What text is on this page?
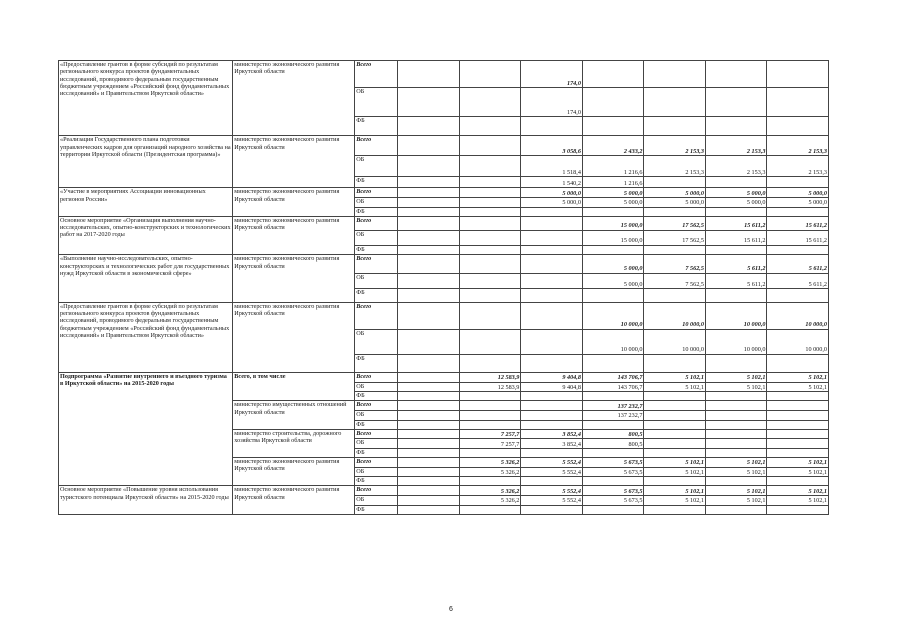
«Предоставление грантов в форме субсидий по результатам регионального конкурса проектов фундаментальных исследований, проводимого федеральным государственным бюджетным учреждением «Российский фонд фундаментальных исследований» и Правительством Иркутской области»	министерство экономического развития Иркутской области	Всего			174,0				
		ОБ			174,0				
		ФБ							
«Реализация Государственного плана подготовки управленческих кадров для организаций народного хозяйства на территории Иркутской области (Президентская программа)»	министерство экономического развития Иркутской области	Всего			3 058,6	2 433,2	2 153,3	2 153,3	2 153,3
		ОБ			1 518,4	1 216,6	2 153,3	2 153,3	2 153,3
		ФБ			1 540,2	1 216,6			
«Участие в мероприятиях Ассоциации инновационных регионов России»	министерство экономического развития Иркутской области	Всего			5 000,0	5 000,0	5 000,0	5 000,0	5 000,0
		ОБ			5 000,0	5 000,0	5 000,0	5 000,0	5 000,0
		ФБ							
Основное мероприятие «Организация выполнения научно-исследовательских, опытно-конструкторских и технологических работ на 2017-2020 годы	министерство экономического развития Иркутской области	Всего				15 000,0	17 562,5	15 611,2	15 611,2
		ОБ				15 000,0	17 562,5	15 611,2	15 611,2
		ФБ							
«Выполнение научно-исследовательских, опытно-конструкторских и технологических работ для государственных нужд Иркутской области в экономической сфере»	министерство экономического развития Иркутской области	Всего				5 000,0	7 562,5	5 611,2	5 611,2
		ОБ				5 000,0	7 562,5	5 611,2	5 611,2
		ФБ							
«Предоставление грантов в форме субсидий по результатам регионального конкурса проектов фундаментальных исследований, проводимого федеральным государственным бюджетным учреждением «Российский фонд фундаментальных исследований» и Правительством Иркутской области»	министерство экономического развития Иркутской области	Всего				10 000,0	10 000,0	10 000,0	10 000,0
		ОБ				10 000,0	10 000,0	10 000,0	10 000,0
		ФБ							
Подпрограмма «Развитие внутреннего и въездного туризма в Иркутской области» на 2015-2020 годы	Всего, в том числе	Всего		12 583,9	9 404,8	143 706,7	5 102,1	5 102,1	5 102,1
		ОБ		12 583,9	9 404,8	143 706,7	5 102,1	5 102,1	5 102,1
		ФБ							
	министерство имущественных отношений Иркутской области	Всего				137 232,7			
		ОБ				137 232,7			
		ФБ							
	министерство строительства, дорожного хозяйства Иркутской области	Всего		7 257,7	3 852,4	800,5			
		ОБ		7 257,7	3 852,4	800,5			
		ФБ							
	министерство экономического развития Иркутской области	Всего		5 326,2	5 552,4	5 673,5	5 102,1	5 102,1	5 102,1
		ОБ		5 326,2	5 552,4	5 673,5	5 102,1	5 102,1	5 102,1
		ФБ							
Основное мероприятие «Повышение уровня использования туристского потенциала Иркутской области» на 2015-2020 годы	министерство экономического развития Иркутской области	Всего		5 326,2	5 552,4	5 673,5	5 102,1	5 102,1	5 102,1
		ОБ		5 326,2	5 552,4	5 673,5	5 102,1	5 102,1	5 102,1
		ФБ							
6
